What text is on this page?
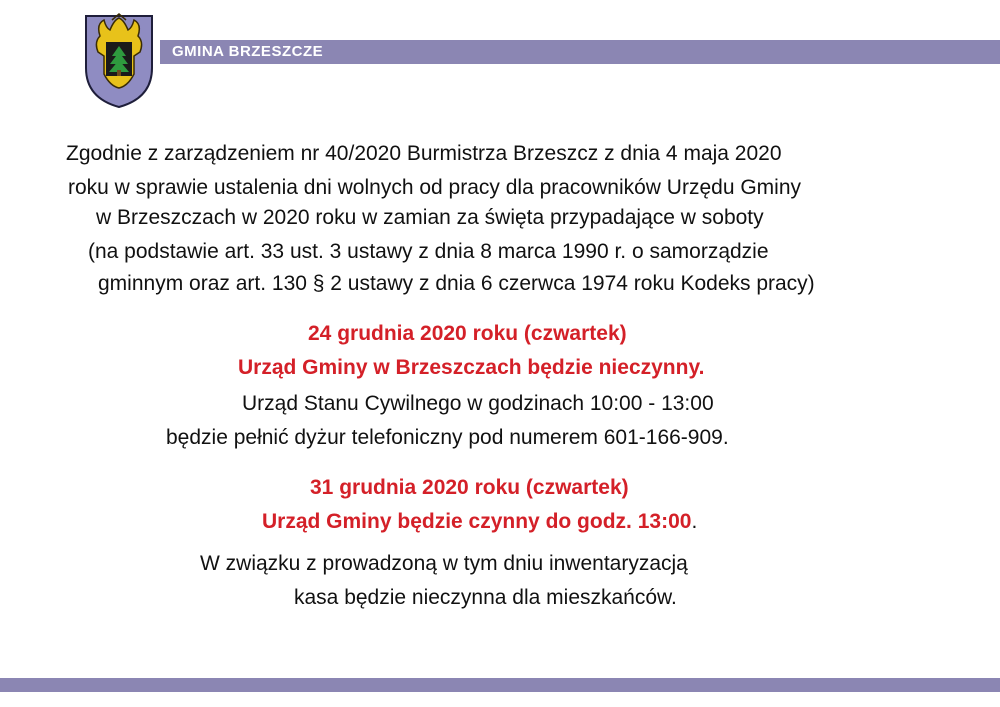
GMINA BRZESZCZE
Zgodnie z zarządzeniem nr 40/2020 Burmistrza Brzeszcz z dnia 4 maja 2020
roku w sprawie ustalenia dni wolnych od pracy dla pracowników Urzędu Gminy
w Brzeszczach w 2020 roku w zamian za święta przypadające w soboty
(na podstawie art. 33 ust. 3 ustawy z dnia 8 marca 1990 r. o samorządzie
gminnym oraz art. 130 § 2 ustawy z dnia 6 czerwca 1974 roku Kodeks pracy)
24 grudnia 2020 roku (czwartek)
Urząd Gminy w Brzeszczach będzie nieczynny.
Urząd Stanu Cywilnego w godzinach 10:00 - 13:00
będzie pełnić dyżur telefoniczny pod numerem 601-166-909.
31 grudnia 2020 roku (czwartek)
Urząd Gminy będzie czynny do godz. 13:00.
W związku z prowadzoną w tym dniu inwentaryzacją
kasa będzie nieczynna dla mieszkańców.
